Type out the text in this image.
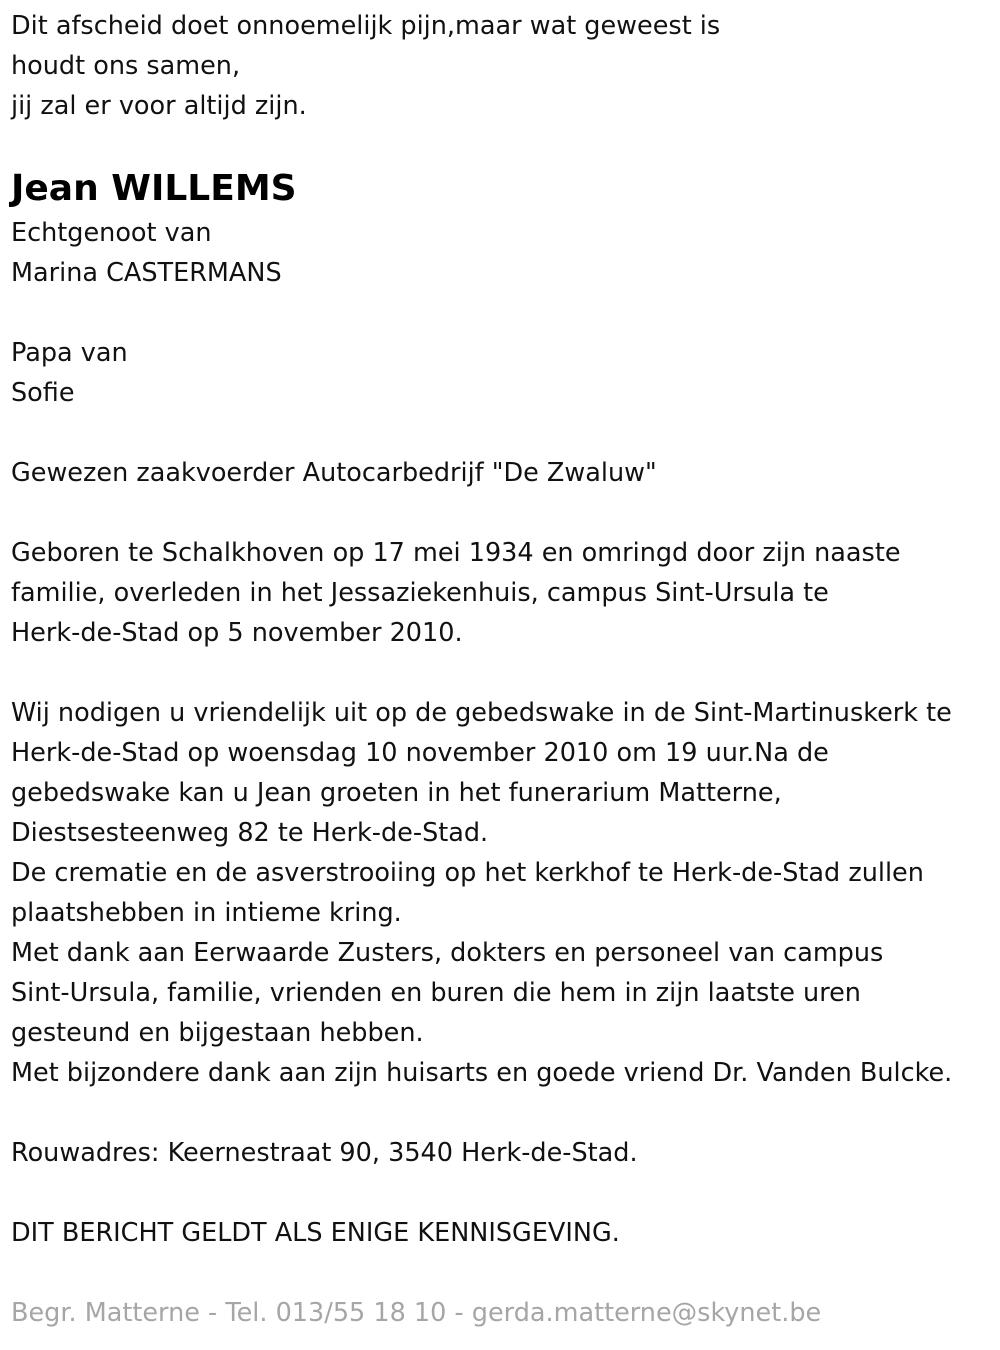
Dit afscheid doet onnoemelijk pijn,maar wat geweest is
houdt ons samen,
jij zal er voor altijd zijn.
Jean WILLEMS
Echtgenoot van
Marina CASTERMANS
Papa van
Sofie
Gewezen zaakvoerder Autocarbedrijf "De Zwaluw"
Geboren te Schalkhoven op 17 mei 1934 en omringd door zijn naaste
familie, overleden in het Jessaziekenhuis, campus Sint-Ursula te
Herk-de-Stad op 5 november 2010.
Wij nodigen u vriendelijk uit op de gebedswake in de Sint-Martinuskerk te
Herk-de-Stad op woensdag 10 november 2010 om 19 uur.Na de
gebedswake kan u Jean groeten in het funerarium Matterne,
Diestsesteenweg 82 te Herk-de-Stad.
De crematie en de asverstrooiing op het kerkhof te Herk-de-Stad zullen
plaatshebben in intieme kring.
Met dank aan Eerwaarde Zusters, dokters en personeel van campus
Sint-Ursula, familie, vrienden en buren die hem in zijn laatste uren
gesteund en bijgestaan hebben.
Met bijzondere dank aan zijn huisarts en goede vriend Dr. Vanden Bulcke.
Rouwadres: Keernestraat 90, 3540 Herk-de-Stad.
DIT BERICHT GELDT ALS ENIGE KENNISGEVING.
Begr. Matterne - Tel. 013/55 18 10 - gerda.matterne@skynet.be
